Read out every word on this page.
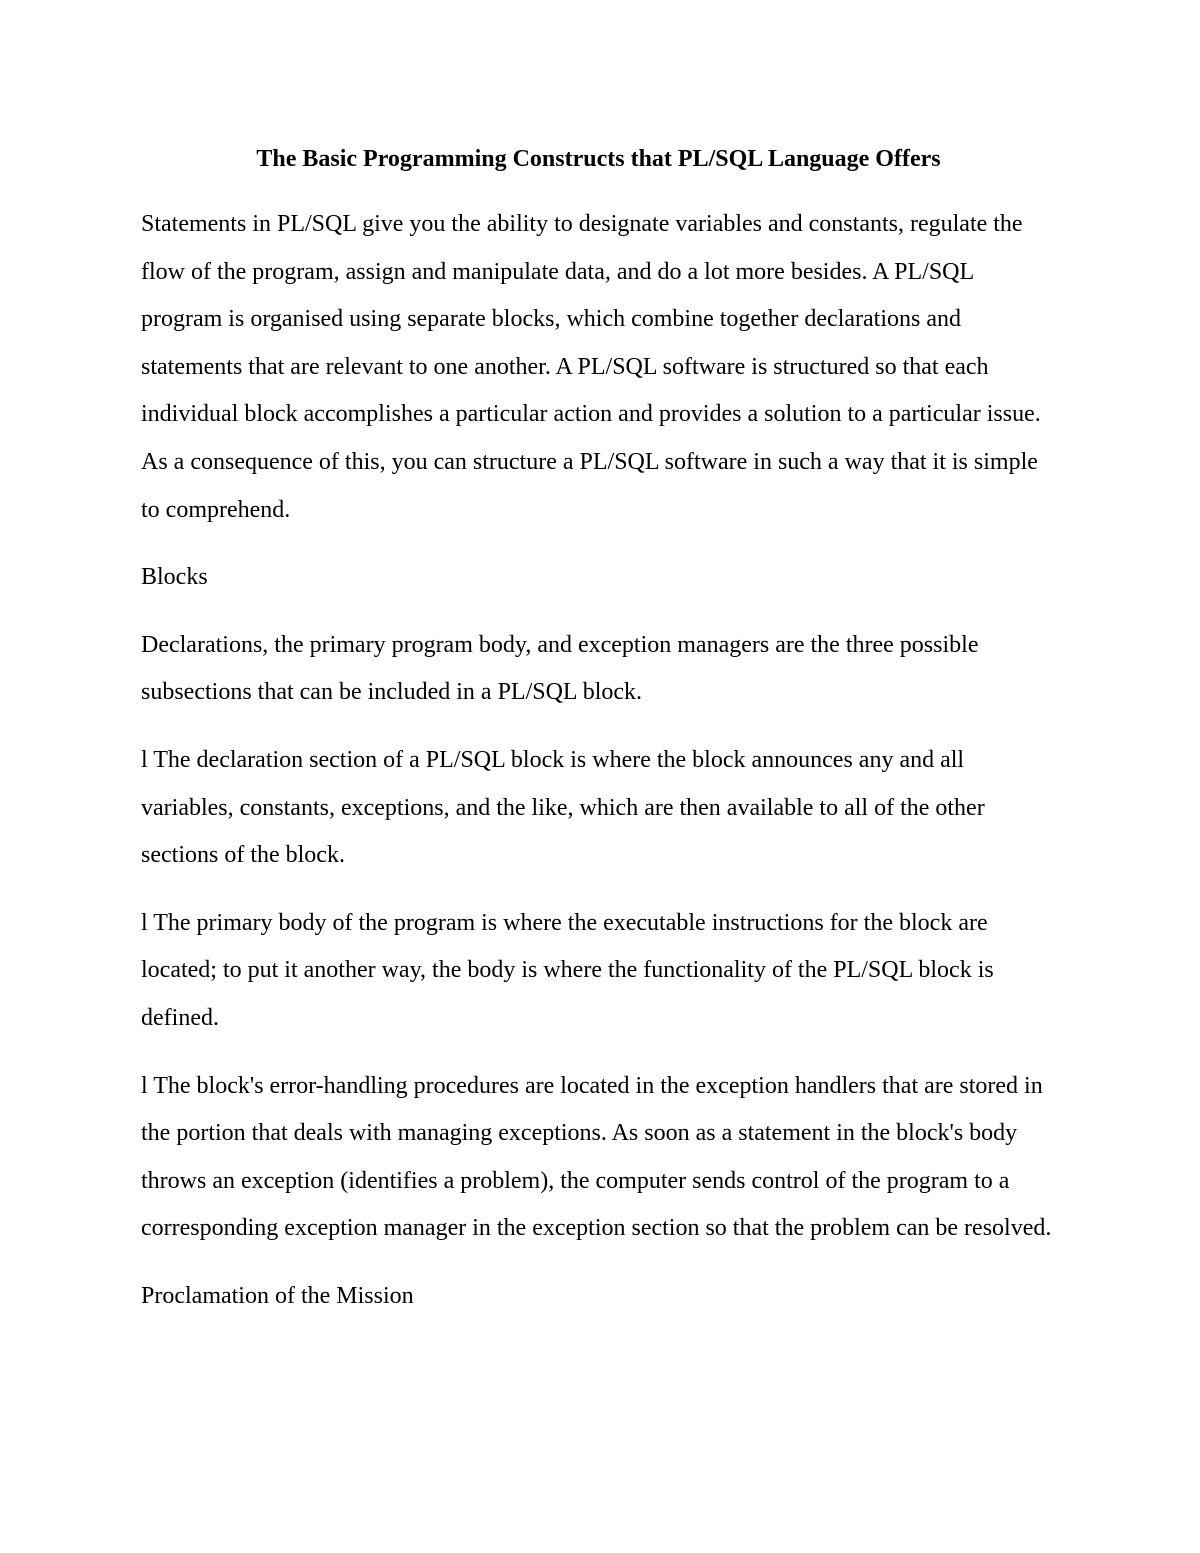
The Basic Programming Constructs that PL/SQL Language Offers

Statements in PL/SQL give you the ability to designate variables and constants, regulate the flow of the program, assign and manipulate data, and do a lot more besides. A PL/SQL program is organised using separate blocks, which combine together declarations and statements that are relevant to one another. A PL/SQL software is structured so that each individual block accomplishes a particular action and provides a solution to a particular issue. As a consequence of this, you can structure a PL/SQL software in such a way that it is simple to comprehend.

Blocks

Declarations, the primary program body, and exception managers are the three possible subsections that can be included in a PL/SQL block.

l The declaration section of a PL/SQL block is where the block announces any and all variables, constants, exceptions, and the like, which are then available to all of the other sections of the block.

l The primary body of the program is where the executable instructions for the block are located; to put it another way, the body is where the functionality of the PL/SQL block is defined.

l The block's error-handling procedures are located in the exception handlers that are stored in the portion that deals with managing exceptions. As soon as a statement in the block's body throws an exception (identifies a problem), the computer sends control of the program to a corresponding exception manager in the exception section so that the problem can be resolved.

Proclamation of the Mission
